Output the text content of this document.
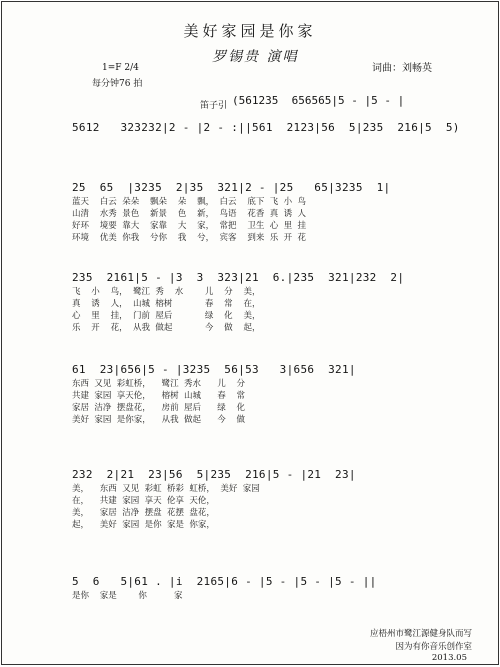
美好家园是你家
罗锡贵 演唱
1=F 2/4
每分钟76 拍
词曲：刘畅英
笛子引 (561235  656565|5 - |5 - |
5612   323232|2 - |2 - :||561  2123|56  5|235  216|5  5)
25  65  |3235  2|35  321|2 - |25   65|3235  1|
蓝天    白云  朵朵    飘朵    朵    飘，  白云    底下  飞  小  鸟
山清    水秀  景色    新景    色    新，  鸟语    花香  真  诱  人
好环    境要  靠大    家靠    大    家，  常把    卫生  心  里  挂
环境    优美  你我    兮你    我    兮，  宾客    到来  乐  开  花
235  2161|5 - |3  3  323|21  6.|235  321|232  2|
飞    小    鸟，  鹭江  秀    水        儿    分    美，
真    诱    人，  山城  榕树            春    常    在，
心    里    挂，  门前  屋后            绿    化    美，
乐    开    花，  从我  做起            今    做    起，
61  23|656|5 - |3235  56|53   3|656  321|
东西  又见  彩虹桥，    鹭江  秀水      儿    分
共建  家园  享天伦，    榕树  山城      春    常
家居  洁净  摆盘花，    房前  屋后      绿    化
美好  家园  是你家，    从我  做起      今    做
232  2|21  23|56  5|235  216|5 - |21  23|
美，    东西  又见  彩虹  桥彩  虹桥，  美好  家园
在，    共建  家园  享天  伦享  天伦，
美，    家居  洁净  摆盘  花摆  盘花，
起，    美好  家园  是你  家是  你家，
5  6   5|61 . |i  2165|6 - |5 - |5 - |5 - ||
是你    家是        你          家
应梧州市鹭江源健身队而写
因为有你音乐创作室
2013.05
